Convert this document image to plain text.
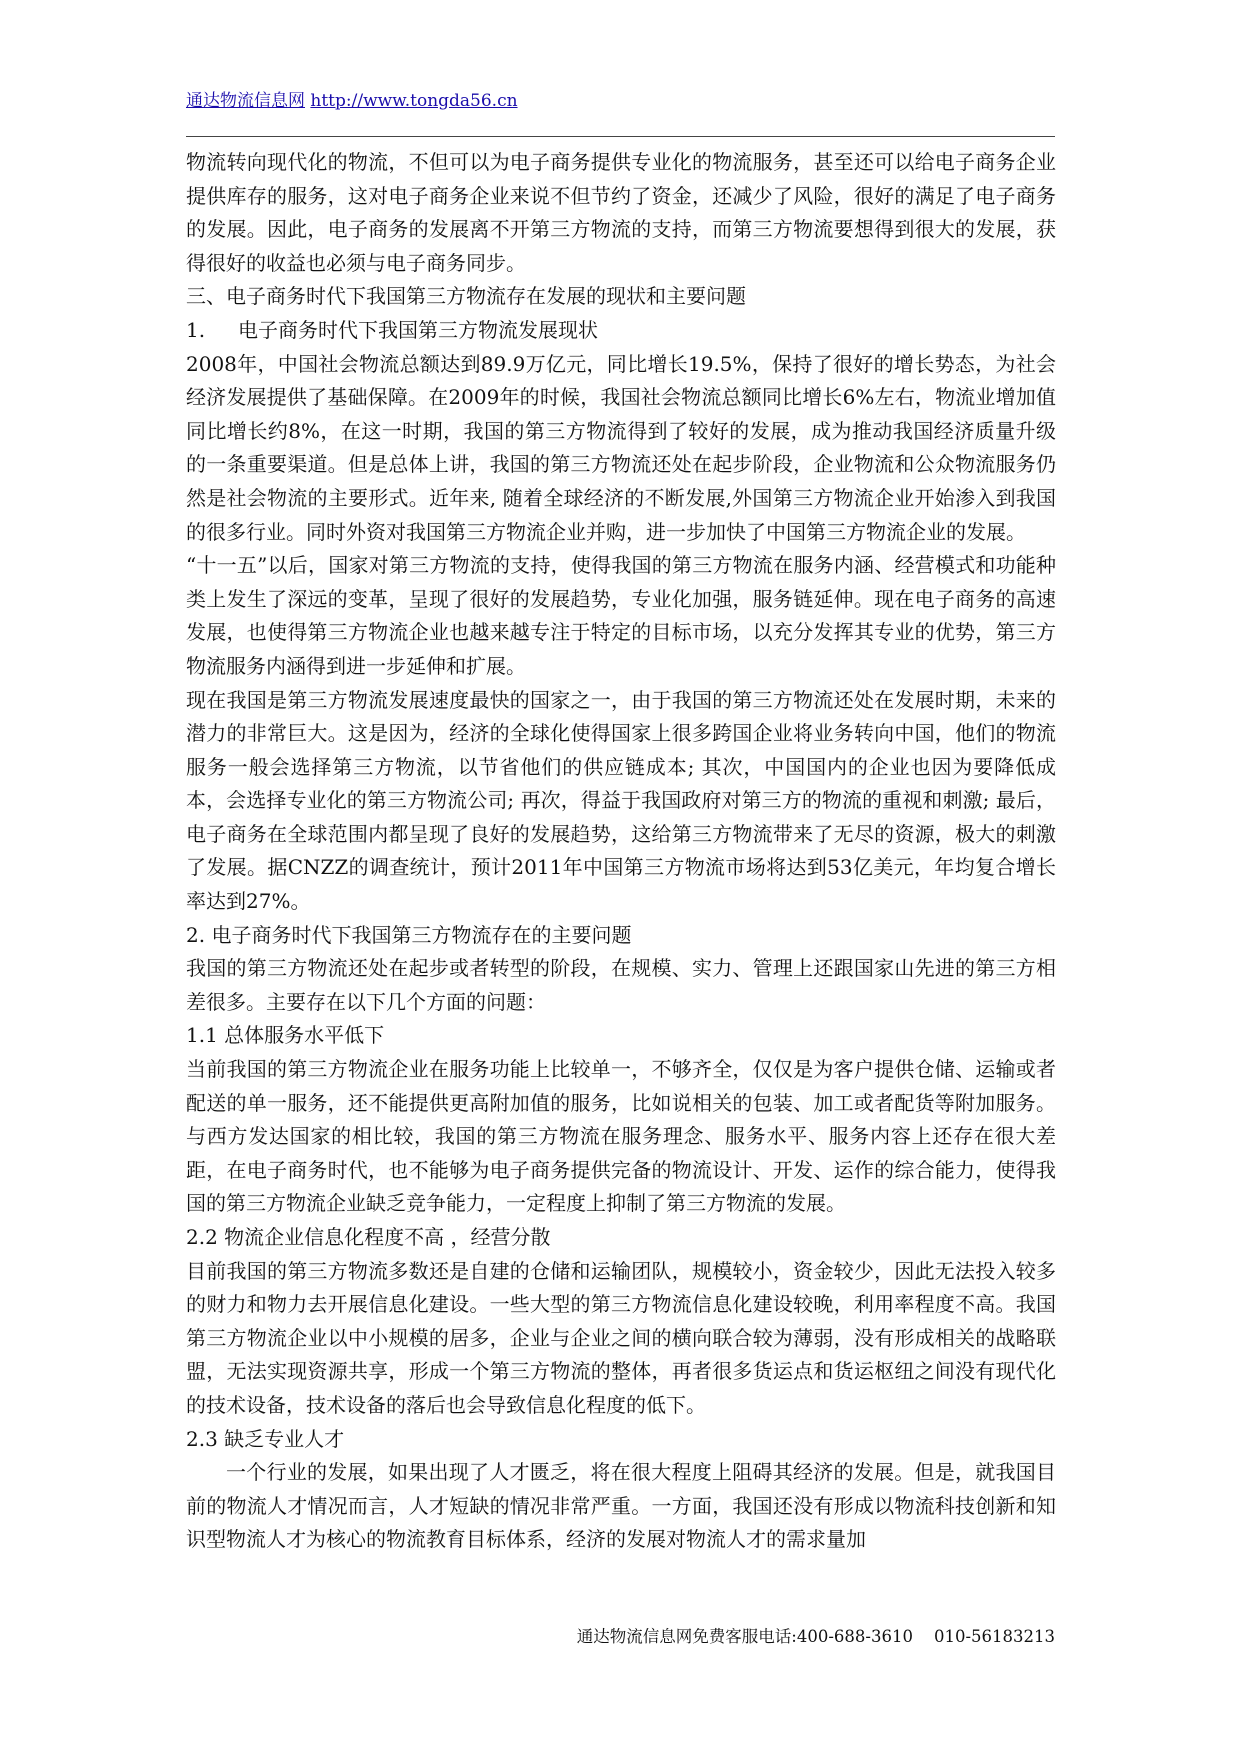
通达物流信息网 http://www.tongda56.cn

物流转向现代化的物流，不但可以为电子商务提供专业化的物流服务，甚至还可以给电子商务企业提供库存的服务，这对电子商务企业来说不但节约了资金，还减少了风险，很好的满足了电子商务的发展。因此，电子商务的发展离不开第三方物流的支持，而第三方物流要想得到很大的发展，获得很好的收益也必须与电子商务同步。

三、电子商务时代下我国第三方物流存在发展的现状和主要问题

1. 电子商务时代下我国第三方物流发展现状

2008年，中国社会物流总额达到89.9万亿元，同比增长19.5%，保持了很好的增长势态，为社会经济发展提供了基础保障。在2009年的时候，我国社会物流总额同比增长6%左右，物流业增加值同比增长约8%，在这一时期，我国的第三方物流得到了较好的发展，成为推动我国经济质量升级的一条重要渠道。但是总体上讲，我国的第三方物流还处在起步阶段，企业物流和公众物流服务仍然是社会物流的主要形式。近年来, 随着全球经济的不断发展,外国第三方物流企业开始渗入到我国的很多行业。同时外资对我国第三方物流企业并购，进一步加快了中国第三方物流企业的发展。

“十一五”以后，国家对第三方物流的支持，使得我国的第三方物流在服务内涵、经营模式和功能种类上发生了深远的变革，呈现了很好的发展趋势，专业化加强，服务链延伸。现在电子商务的高速发展，也使得第三方物流企业也越来越专注于特定的目标市场，以充分发挥其专业的优势，第三方物流服务内涵得到进一步延伸和扩展。

现在我国是第三方物流发展速度最快的国家之一，由于我国的第三方物流还处在发展时期，未来的潜力的非常巨大。这是因为，经济的全球化使得国家上很多跨国企业将业务转向中国，他们的物流服务一般会选择第三方物流，以节省他们的供应链成本; 其次，中国国内的企业也因为要降低成本，会选择专业化的第三方物流公司; 再次，得益于我国政府对第三方的物流的重视和刺激; 最后，电子商务在全球范围内都呈现了良好的发展趋势，这给第三方物流带来了无尽的资源，极大的刺激了发展。据CNZZ的调查统计，预计2011年中国第三方物流市场将达到53亿美元，年均复合增长率达到27%。

2. 电子商务时代下我国第三方物流存在的主要问题

我国的第三方物流还处在起步或者转型的阶段，在规模、实力、管理上还跟国家山先进的第三方相差很多。主要存在以下几个方面的问题：

1.1 总体服务水平低下

当前我国的第三方物流企业在服务功能上比较单一，不够齐全，仅仅是为客户提供仓储、运输或者配送的单一服务，还不能提供更高附加值的服务，比如说相关的包装、加工或者配货等附加服务。与西方发达国家的相比较，我国的第三方物流在服务理念、服务水平、服务内容上还存在很大差距，在电子商务时代，也不能够为电子商务提供完备的物流设计、开发、运作的综合能力，使得我国的第三方物流企业缺乏竞争能力，一定程度上抑制了第三方物流的发展。

2.2 物流企业信息化程度不高 ，经营分散

目前我国的第三方物流多数还是自建的仓储和运输团队，规模较小，资金较少，因此无法投入较多的财力和物力去开展信息化建设。一些大型的第三方物流信息化建设较晚，利用率程度不高。我国第三方物流企业以中小规模的居多，企业与企业之间的横向联合较为薄弱，没有形成相关的战略联盟，无法实现资源共享，形成一个第三方物流的整体，再者很多货运点和货运枢纽之间没有现代化的技术设备，技术设备的落后也会导致信息化程度的低下。

2.3 缺乏专业人才

一个行业的发展，如果出现了人才匮乏，将在很大程度上阻碍其经济的发展。但是，就我国目前的物流人才情况而言，人才短缺的情况非常严重。一方面，我国还没有形成以物流科技创新和知识型物流人才为核心的物流教育目标体系，经济的发展对物流人才的需求量加

通达物流信息网免费客服电话:400-688-3610    010-56183213
